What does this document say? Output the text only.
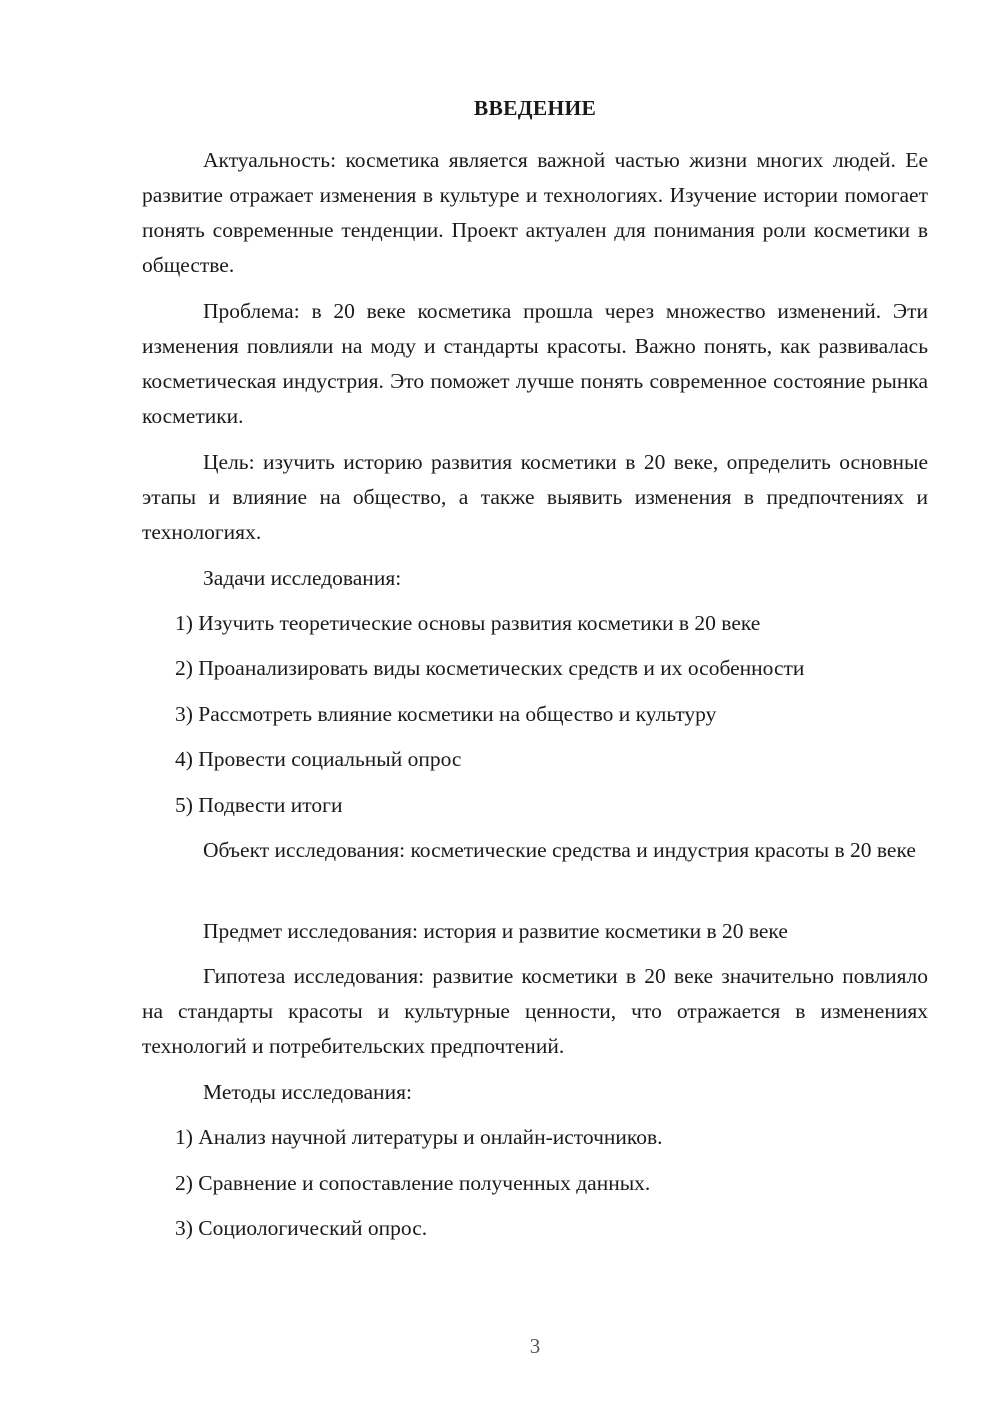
ВВЕДЕНИЕ
Актуальность: косметика является важной частью жизни многих людей. Ее развитие отражает изменения в культуре и технологиях. Изучение истории помогает понять современные тенденции. Проект актуален для понимания роли косметики в обществе.
Проблема: в 20 веке косметика прошла через множество изменений. Эти изменения повлияли на моду и стандарты красоты. Важно понять, как развивалась косметическая индустрия. Это поможет лучше понять современное состояние рынка косметики.
Цель: изучить историю развития косметики в 20 веке, определить основные этапы и влияние на общество, а также выявить изменения в предпочтениях и технологиях.
Задачи исследования:
1) Изучить теоретические основы развития косметики в 20 веке
2) Проанализировать виды косметических средств и их особенности
3) Рассмотреть влияние косметики на общество и культуру
4) Провести социальный опрос
5) Подвести итоги
Объект исследования: косметические средства и индустрия красоты в 20 веке
Предмет исследования: история и развитие косметики в 20 веке
Гипотеза исследования: развитие косметики в 20 веке значительно повлияло на стандарты красоты и культурные ценности, что отражается в изменениях технологий и потребительских предпочтений.
Методы исследования:
1) Анализ научной литературы и онлайн-источников.
2) Сравнение и сопоставление полученных данных.
3) Социологический опрос.
3
